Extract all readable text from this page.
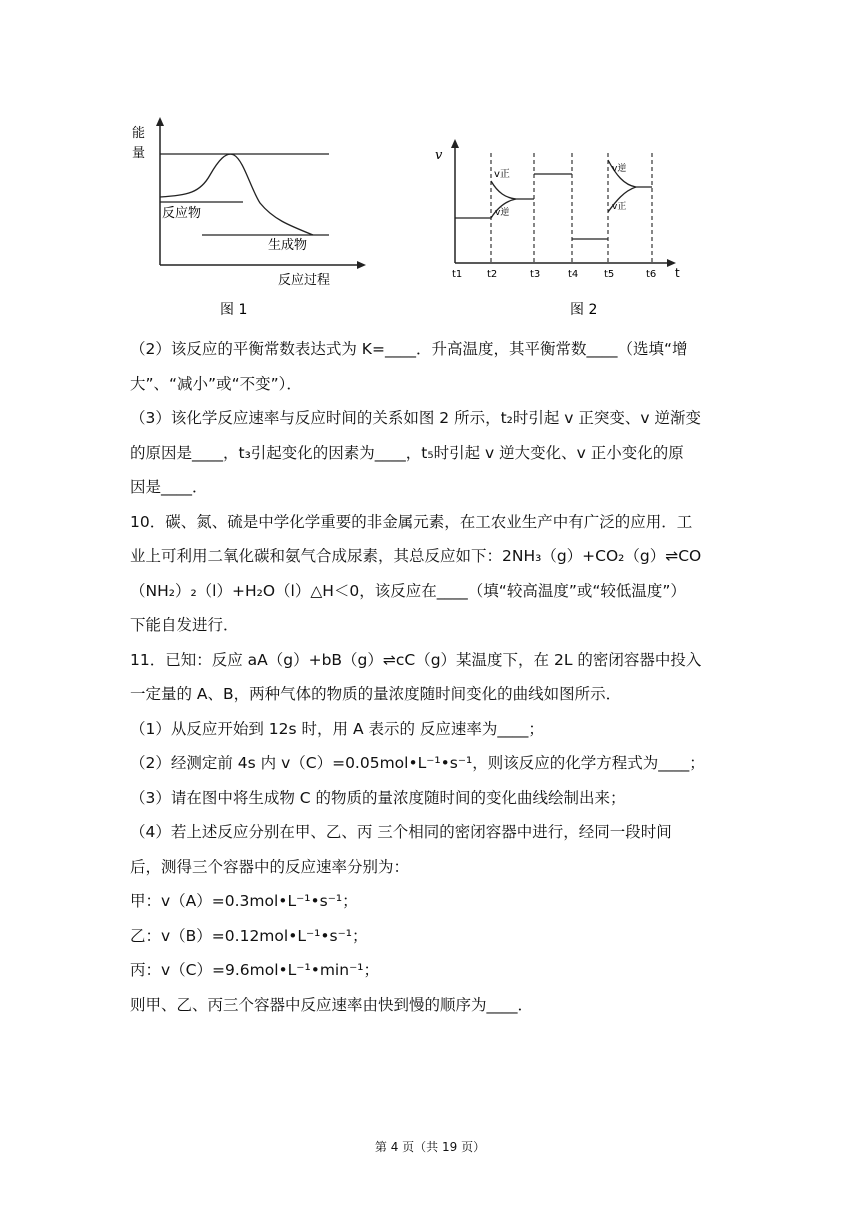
能
量
反应物
生成物
反应过程
图 1
v
t
v正
v逆
v逆
v正
t1 t2	t3	t4	t5	t6
图 2
（2）该反应的平衡常数表达式为 K=____．升高温度，其平衡常数____（选填“增
大”、“减小”或“不变”）．
（3）该化学反应速率与反应时间的关系如图 2 所示，t₂时引起 v 正突变、v 逆渐变
的原因是____，t₃引起变化的因素为____，t₅时引起 v 逆大变化、v 正小变化的原
因是____．
10．碳、氮、硫是中学化学重要的非金属元素，在工农业生产中有广泛的应用．工
业上可利用二氧化碳和氨气合成尿素，其总反应如下：2NH₃（g）+CO₂（g）⇌CO
（NH₂）₂（l）+H₂O（l）△H＜0，该反应在____（填“较高温度”或“较低温度”）
下能自发进行．
11．已知：反应 aA（g）+bB（g）⇌cC（g）某温度下，在 2L 的密闭容器中投入
一定量的 A、B，两种气体的物质的量浓度随时间变化的曲线如图所示．
（1）从反应开始到 12s 时，用 A 表示的 反应速率为____；
（2）经测定前 4s 内 v（C）=0.05mol•L⁻¹•s⁻¹，则该反应的化学方程式为____；
（3）请在图中将生成物 C 的物质的量浓度随时间的变化曲线绘制出来；
（4）若上述反应分别在甲、乙、丙 三个相同的密闭容器中进行，经同一段时间
后，测得三个容器中的反应速率分别为：
甲：v（A）=0.3mol•L⁻¹•s⁻¹；
乙：v（B）=0.12mol•L⁻¹•s⁻¹；
丙：v（C）=9.6mol•L⁻¹•min⁻¹；
则甲、乙、丙三个容器中反应速率由快到慢的顺序为____．
第 4 页（共 19 页）
